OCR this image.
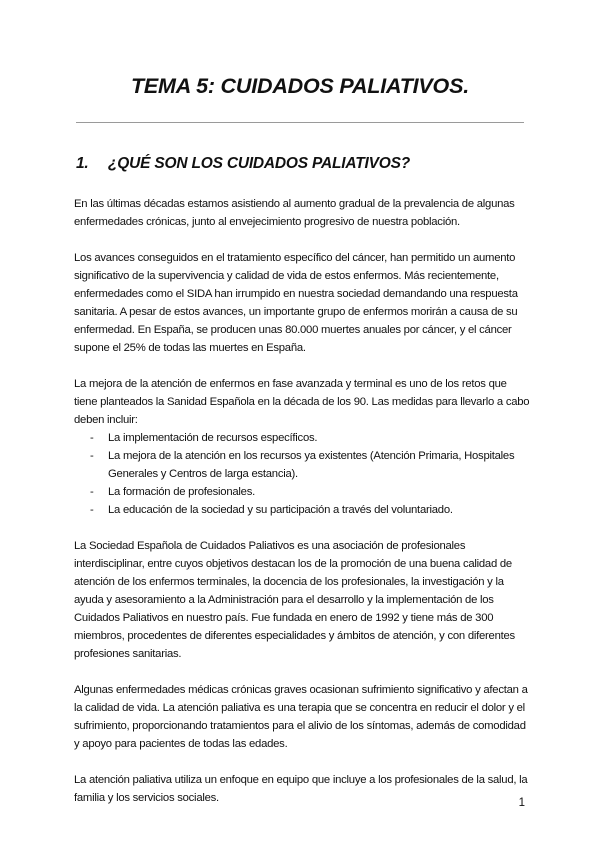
TEMA 5: CUIDADOS PALIATIVOS.
1. ¿QUÉ SON LOS CUIDADOS PALIATIVOS?

En las últimas décadas estamos asistiendo al aumento gradual de la prevalencia de algunas enfermedades crónicas, junto al envejecimiento progresivo de nuestra población.

Los avances conseguidos en el tratamiento específico del cáncer, han permitido un aumento significativo de la supervivencia y calidad de vida de estos enfermos. Más recientemente, enfermedades como el SIDA han irrumpido en nuestra sociedad demandando una respuesta sanitaria. A pesar de estos avances, un importante grupo de enfermos morirán a causa de su enfermedad. En España, se producen unas 80.000 muertes anuales por cáncer, y el cáncer supone el 25% de todas las muertes en España.

La mejora de la atención de enfermos en fase avanzada y terminal es uno de los retos que tiene planteados la Sanidad Española en la década de los 90. Las medidas para llevarlo a cabo deben incluir:

- La implementación de recursos específicos.
- La mejora de la atención en los recursos ya existentes (Atención Primaria, Hospitales Generales y Centros de larga estancia).
- La formación de profesionales.
- La educación de la sociedad y su participación a través del voluntariado.

La Sociedad Española de Cuidados Paliativos es una asociación de profesionales interdisciplinar, entre cuyos objetivos destacan los de la promoción de una buena calidad de atención de los enfermos terminales, la docencia de los profesionales, la investigación y la ayuda y asesoramiento a la Administración para el desarrollo y la implementación de los Cuidados Paliativos en nuestro país. Fue fundada en enero de 1992 y tiene más de 300 miembros, procedentes de diferentes especialidades y ámbitos de atención, y con diferentes profesiones sanitarias.

Algunas enfermedades médicas crónicas graves ocasionan sufrimiento significativo y afectan a la calidad de vida. La atención paliativa es una terapia que se concentra en reducir el dolor y el sufrimiento, proporcionando tratamientos para el alivio de los síntomas, además de comodidad y apoyo para pacientes de todas las edades.

La atención paliativa utiliza un enfoque en equipo que incluye a los profesionales de la salud, la familia y los servicios sociales.	1
